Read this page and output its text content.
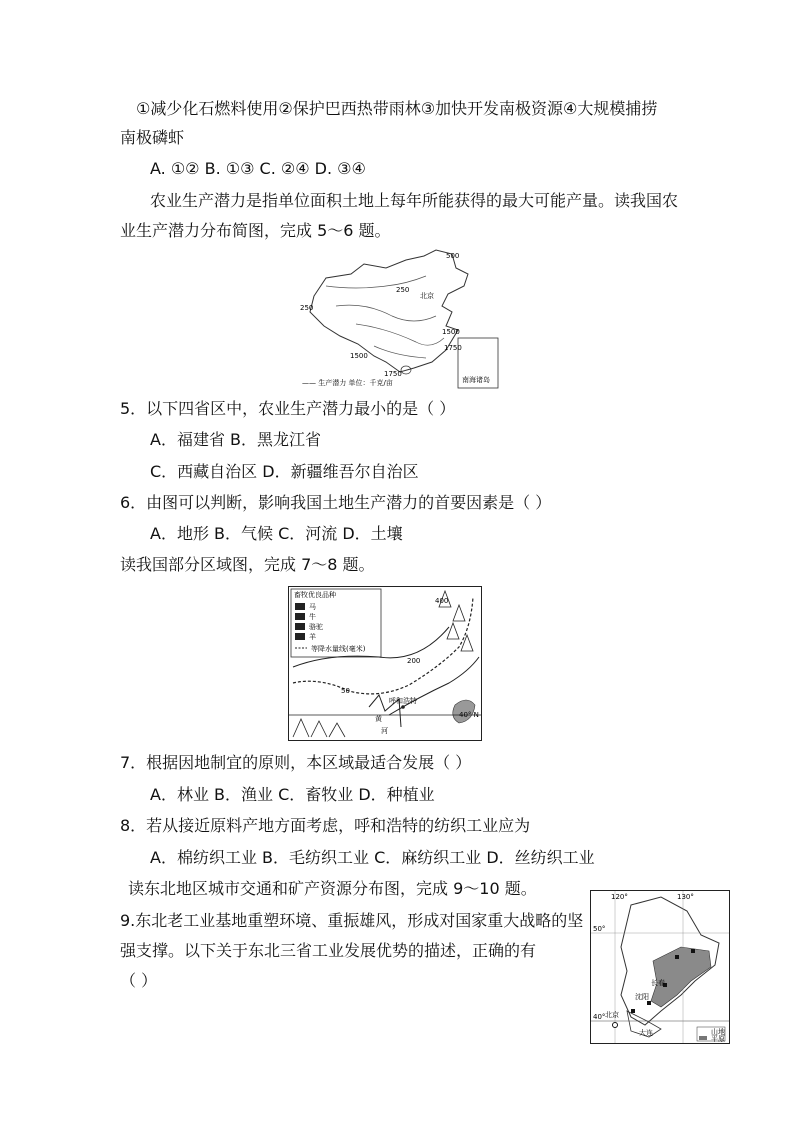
①减少化石燃料使用②保护巴西热带雨林③加快开发南极资源④大规模捕捞
南极磷虾
A. ①② B. ①③ C. ②④ D. ③④
农业生产潜力是指单位面积土地上每年所能获得的最大可能产量。读我国农
业生产潜力分布简图，完成 5～6 题。
500
250
北京
250
1500
1500
1750
1750
—— 生产潜力 单位：千克/亩	南海诸岛
5．以下四省区中，农业生产潜力最小的是（ ）
A．福建省 B．黑龙江省
C．西藏自治区 D．新疆维吾尔自治区
6．由图可以判断，影响我国土地生产潜力的首要因素是（ ）
A．地形 B．气候 C．河流 D．土壤
读我国部分区域图，完成 7～8 题。
畜牧优良品种
马
牛
骆驼
羊
等降水量线(毫米)
400
200
50
呼和浩特
40° N
黄
河
7．根据因地制宜的原则，本区域最适合发展（ ）
A．林业 B．渔业 C．畜牧业 D．种植业
8．若从接近原料产地方面考虑，呼和浩特的纺织工业应为
A．棉纺织工业 B．毛纺织工业 C．麻纺织工业 D．丝纺织工业
读东北地区城市交通和矿产资源分布图，完成 9～10 题。
9.东北老工业基地重塑环境、重振雄风，形成对国家重大战略的坚
强支撑。以下关于东北三省工业发展优势的描述，正确的有
（ ）
120°	130°
50°
40° 北京
长春
沈阳
大连	山地
平原
